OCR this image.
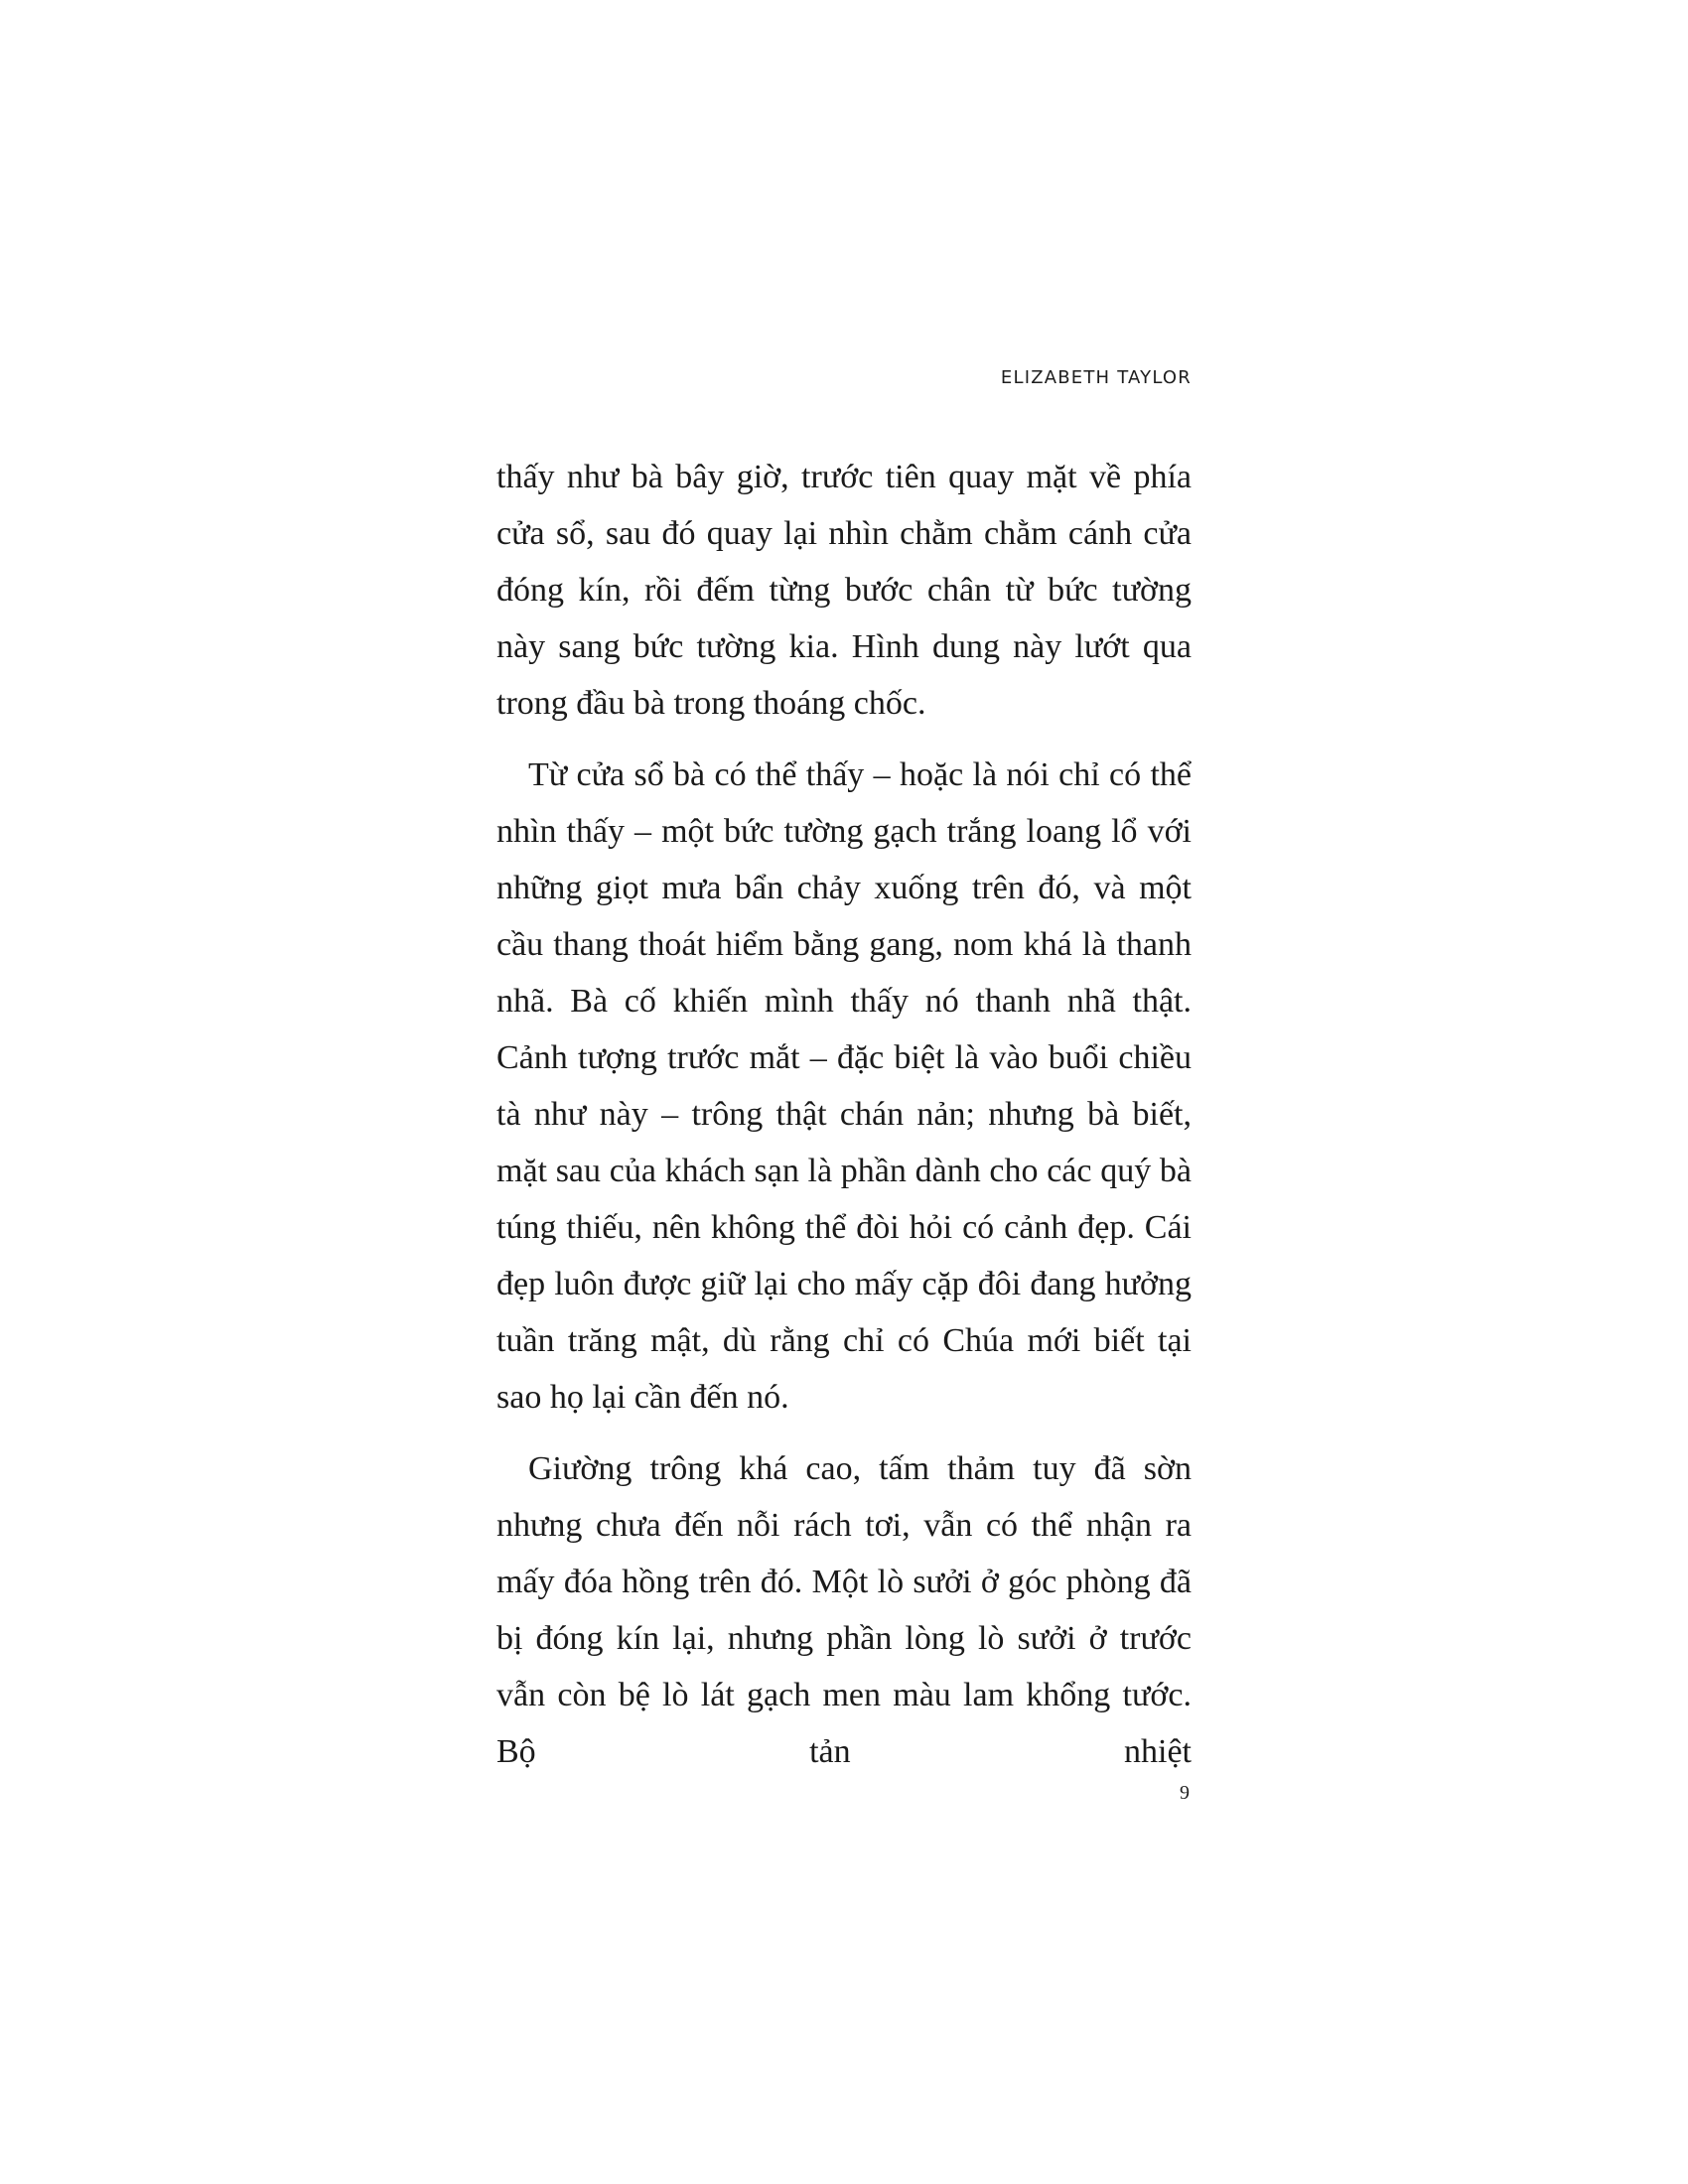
ELIZABETH TAYLOR

thấy như bà bây giờ, trước tiên quay mặt về phía cửa sổ, sau đó quay lại nhìn chằm chằm cánh cửa đóng kín, rồi đếm từng bước chân từ bức tường này sang bức tường kia. Hình dung này lướt qua trong đầu bà trong thoáng chốc.

Từ cửa sổ bà có thể thấy – hoặc là nói chỉ có thể nhìn thấy – một bức tường gạch trắng loang lổ với những giọt mưa bẩn chảy xuống trên đó, và một cầu thang thoát hiểm bằng gang, nom khá là thanh nhã. Bà cố khiến mình thấy nó thanh nhã thật. Cảnh tượng trước mắt – đặc biệt là vào buổi chiều tà như này – trông thật chán nản; nhưng bà biết, mặt sau của khách sạn là phần dành cho các quý bà túng thiếu, nên không thể đòi hỏi có cảnh đẹp. Cái đẹp luôn được giữ lại cho mấy cặp đôi đang hưởng tuần trăng mật, dù rằng chỉ có Chúa mới biết tại sao họ lại cần đến nó.

Giường trông khá cao, tấm thảm tuy đã sờn nhưng chưa đến nỗi rách tơi, vẫn có thể nhận ra mấy đóa hồng trên đó. Một lò sưởi ở góc phòng đã bị đóng kín lại, nhưng phần lòng lò sưởi ở trước vẫn còn bệ lò lát gạch men màu lam khổng tước. Bộ tản nhiệt

9
